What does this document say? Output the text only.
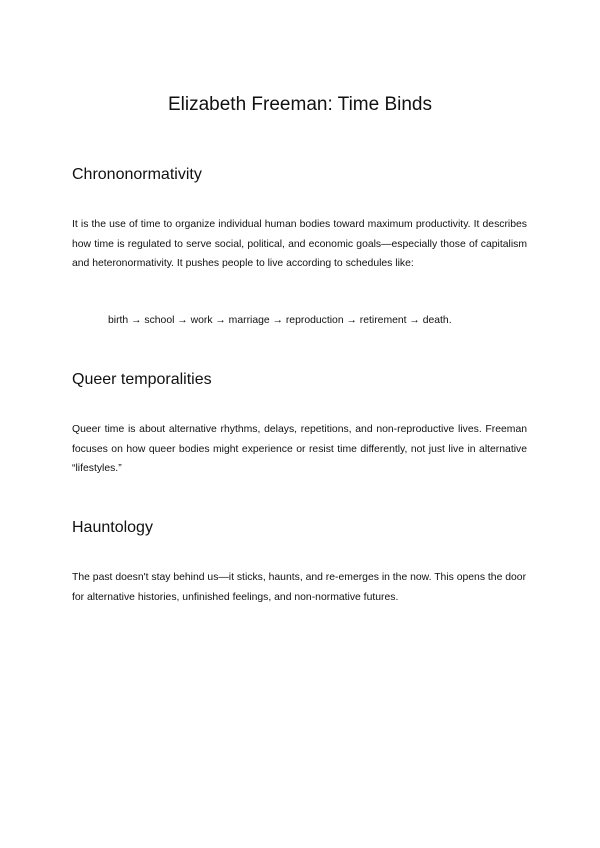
Elizabeth Freeman: Time Binds
Chrononormativity

It is the use of time to organize individual human bodies toward maximum productivity. It describes how time is regulated to serve social, political, and economic goals—especially those of capitalism and heteronormativity. It pushes people to live according to schedules like:

birth → school → work → marriage → reproduction → retirement → death.

Queer temporalities

Queer time is about alternative rhythms, delays, repetitions, and non-reproductive lives. Freeman focuses on how queer bodies might experience or resist time differently, not just live in alternative “lifestyles.”

Hauntology

The past doesn't stay behind us—it sticks, haunts, and re-emerges in the now. This opens the door for alternative histories, unfinished feelings, and non-normative futures.
